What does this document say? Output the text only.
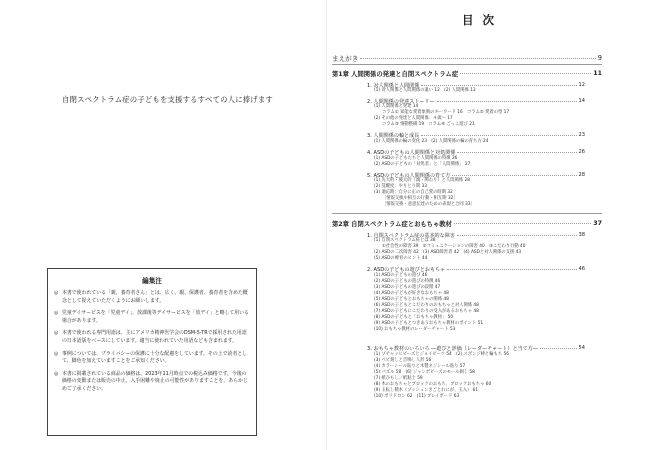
自閉スペクトラム症の子どもを支援するすべての人に捧げます
編集注
◎ 本書で使われている「親、養育者さん」とは、広く、親、保護者、養育者を含めた概念として捉えていただくようにお願いします。
◎ 児童デイサービスを「児童デイ」、放課後等デイサービスを「放デイ」と略して用いる場合があります。
◎ 本書で使われる専門用語は、主にアメリカ精神医学会のDSM-5-TRで採用された用語の日本語版をベースにしています。適当に使われていた用語なども含まれます。
◎ 事例については、プライバシーの保護に十分な配慮をしています。その上で読者として、脚色を加えていますことをご承知ください。
◎ 本書に掲載されている商品の価格は、2023年11月時点での税込み価格です。今後の価格の変動または販売の中止、入手困難や廃止の可能性がありますことを、あらかじめご了承ください。
目次
まえがき	9
第1章 人間関係の発達と自閉スペクトラム症	11
1. 対人関係と人間関係	12
(1) 対人関係と人間関係の違い 12　(2) 人間関係 13
2. 人間関係の発達ストーリー	14
(1) 人間関係と発達 14
コラム① 知能な愛着象徴のキーワード 16　コラム② 愛着の型 17
(2) その他の発達と人間関係：４歳〜 17
コラム③ 情動整備 19　コラム④ ごっこ遊び 21
3. 人間関係の輪と成長	23
(1) 人間関係の輪の変化 23　(2) 人間関係の輪の育ち方 24
4. ASDの子どもの人間関係と対処関係	26
(1) ASDの子どもたちと人間関係の特徴 26
(2) ASDの子どもの「対処者」と「人間関係」 27
5. ASDの子どもの人間関係の育て方	28
(1) 先天的・後天的（親・関わり）と人間関係 28
(2) 覚醒度：やりとり期 33
(3) 適応期：自分に正の自己愛の時期 32
［情報交換や相互の行動・相互期 32］
［情報交換・意思伝達のための表現と合同 33］
第2章 自閉スペクトラム症とおもちゃ教材	37
1. 自閉スペクトラム症の基本的な障害	38
(1) 自閉スペクトラム症とは 38
①社会性の障害 39　②コミュニケーションの障害 40　③こだわり行動 40
(2) ASDの二次障害 42　(3) ASD障害者 42　(4) ASDと対人関係の支援 43
(5) ASDの療育のヒント 44
2. ASDの子どもの遊びとおもちゃ	46
(1) ASDの子どもの遊び 46
(2) ASDの子どもの遊びの特徴 46
(3) ASDの子どもの遊びの段階 47
(4) ASDの子どもが好きなおもちゃ 48
(5) ASDの子どもとおもちゃの関係 48
(6) ASDの子どもとこだわりのおもちゃと対人関係 48
(7) ASDの子どもにこだわりの受入があるおもちゃ 48
(8) ASDの子どもと「おもちゃ教材」 50
(9) ASDの子どもとつきあうおもちゃ教材のポイント 51
(10) おもちゃ教材のレーダーチャート 53
3. おもちゃ教材のいろいろ ―遊びと評価（レーダーチャート）と当て方―	54
(1) プチャッヒビーズとジョイビーツ 54　(2) スポンジ棒と輪もち 56
(3) ベビ刻しと音鳴し人形 56
(4) カラーシール貼りと木製ネジシール貼り 57
(5) パズル 58　(6) ジャンボビーズのモール刺し 58
(7) 紙ひもし／紙粘土 59
(8) 木のおもちゃとブロックのおもち、ブロックおもちゃ 60
(9) 玉転し積木（プッシュンきごとれにが、玉入） 61
(10) ポリドロン 62　(11) ブレイボード 63
